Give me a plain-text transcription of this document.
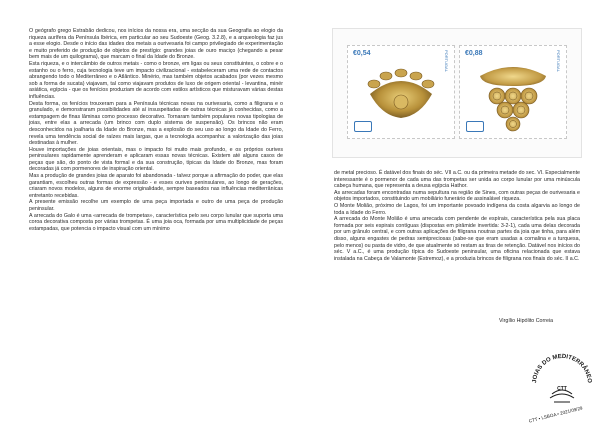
O geógrafo grego Estrabão dedicou, nos inícios da nossa era, uma secção da sua Geografia ao elogio da riqueza aurífera da Península Ibérica, em particular ao seu Sudoeste (Geog. 3.2.8), e a arqueologia faz jus a esse elogio. Desde o início das idades dos metais a ourivesaria foi campo privilegiado de experimentação e muito preferido de produção de objetos de prestígio: grandes joias de ouro maciço (chegando a pesar bem mais de um quilograma), que marcam o final da Idade do Bronze.

Esta riqueza, e o intercâmbio de outros metais - como o bronze, em ligas ou seus constituintes, o cobre e o estanho ou o ferro, cuja tecnologia teve um impacto civilizacional - estabeleceram uma rede de contactos abrangendo todo o Mediterrâneo e o Atlântico. Minério, mas também objetos acabados (por vezes mesmo sob a forma de sucata) viajavam, tal como viajavam produtos de luxo de origem oriental - levantina, minér asiática, egípcia - que os fenícios produziam de acordo com estilos artísticos que misturavam várias destas influências.

Desta forma, os fenícios trouxeram para a Península técnicas novas na ourivesaria, como a filigrana e o granulado, e demonstraram possibilidades até aí insuspeitadas de outras técnicas já conhecidas, como a estampagem de finas lâminas como processo decorativo. Tornaram também populares novas tipologias de joias, entre elas a arrecada (um brinco com duplo sistema de suspensão). Os brincos não eram desconhecidos na joalharia da Idade do Bronze, mas a explosão do seu uso ao longo da Idade do Ferro, revela uma tendência social de raízes mais largas, que a tecnologia acompanha: a valorização das joias destinadas à mulher.

Houve importações de joias orientais, mas o impacto foi muito mais profundo, e os próprios ourives peninsulares rapidamente aprenderam e aplicaram essas novas técnicas. Existem até alguns casos de peças que são, do ponto de vista formal e da sua construção, típicas da Idade do Bronze, mas foram decoradas já com pormenores de inspiração oriental.

Mas a produção de grandes joias de aparato foi abandonada - talvez porque a afirmação do poder, que elas garantiam, escolheu outras formas de expressão - e esses ourives peninsulares, ao longo de gerações, criaram novos modelos, alguns de enorme originalidade, sempre baseados nas influências mediterrânicas entretanto recebidas.

A presente emissão recolhe um exemplo de uma peça importada e outro de uma peça de produção peninsular.

A arrecada do Galo é uma «arrecada de trompetas», característica pelo seu corpo lunular que suporta uma coroa decorativa composta por várias trompetas. É uma joia oca, formada por uma multiplicidade de peças estampadas, que potencia o impacto visual com um mínimo

€0,54	PORTUGAL €0,88	PORTUGAL

de metal precioso. É datável dos finais do séc. VII a.C. ou da primeira metade do sec. VI. Especialmente interessante é o pormenor de cada uma das trompetas ser unida ao corpo lunular por uma minúscula cabeça humana, que representa a deusa egípcia Hathor.

As arrecadas foram encontradas numa sepultura na região de Sines, com outras peças de ourivesaria e objetos importados, constituindo um mobiliário funerário de assinalável riqueza.

O Monte Molião, próximo de Lagos, foi um importante povoado indígena da costa algarvia ao longo de toda a Idade do Ferro.

A arrecada do Monte Molião é uma arrecada com pendente de espírais, característica pela sua placa formada por seis espirais contíguas (dispostas em pirâmide invertida: 3-2-1), cada uma delas decorada por um grânulo central, e com outras aplicações de filigrana noutras partes da joia que tinha, para além disso, alguns engastes de pedras semipreciosas (sabe-se que eram usadas a cornalina e a turquesa, pelo menos) ou pasta de vidro, de que atualmente só restam as tiras de retenção. Datável nos inícios do séc. V a.C., é uma produção típica do Sudoeste peninsular, uma oficina relacionada que estava instalada na Cabeça de Valamonte (Estremoz), e a produzia brincos de filigrana nos finais do séc. II a.C.

Virgílio Hipólito Correia
JOIAS DO MEDITERRÂNEO
CTT
CTT • LSBOA • 2021/09/29
